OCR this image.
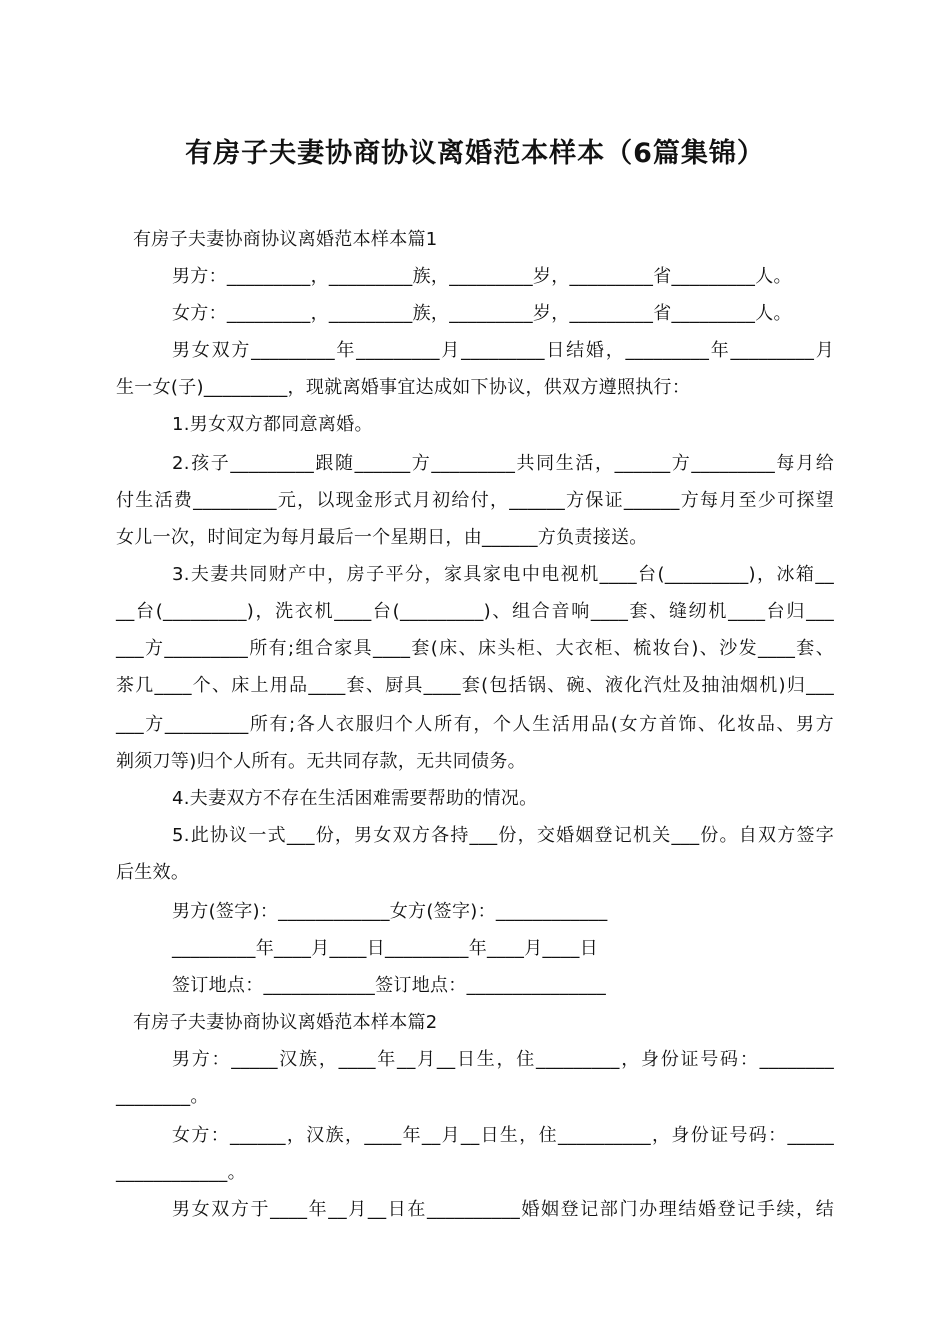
有房子夫妻协商协议离婚范本样本（6篇集锦）

有房子夫妻协商协议离婚范本样本篇1

男方：_________，_________族，_________岁，_________省_________人。

女方：_________，_________族，_________岁，_________省_________人。

男女双方_________年_________月_________日结婚，_________年_________月

生一女(子)_________，现就离婚事宜达成如下协议，供双方遵照执行：

1.男女双方都同意离婚。

2.孩子_________跟随______方_________共同生活，______方_________每月给

付生活费_________元，以现金形式月初给付，______方保证______方每月至少可探望

女儿一次，时间定为每月最后一个星期日，由______方负责接送。

3.夫妻共同财产中，房子平分，家具家电中电视机____台(_________)，冰箱__

__台(_________)，洗衣机____台(_________)、组合音响____套、缝纫机____台归___

___方_________所有;组合家具____套(床、床头柜、大衣柜、梳妆台)、沙发____套、

茶几____个、床上用品____套、厨具____套(包括锅、碗、液化汽灶及抽油烟机)归___

___方_________所有;各人衣服归个人所有，个人生活用品(女方首饰、化妆品、男方

剃须刀等)归个人所有。无共同存款，无共同债务。

4.夫妻双方不存在生活困难需要帮助的情况。

5.此协议一式___份，男女双方各持___份，交婚姻登记机关___份。自双方签字

后生效。

男方(签字)：____________女方(签字)：____________

_________年____月____日_________年____月____日

签订地点：____________签订地点：_______________

有房子夫妻协商协议离婚范本样本篇2

男方：_____汉族，____年__月__日生，住_________，身份证号码：________

________。

女方：______，汉族，____年__月__日生，住__________，身份证号码：_____

____________。

男女双方于____年__月__日在__________婚姻登记部门办理结婚登记手续，结
